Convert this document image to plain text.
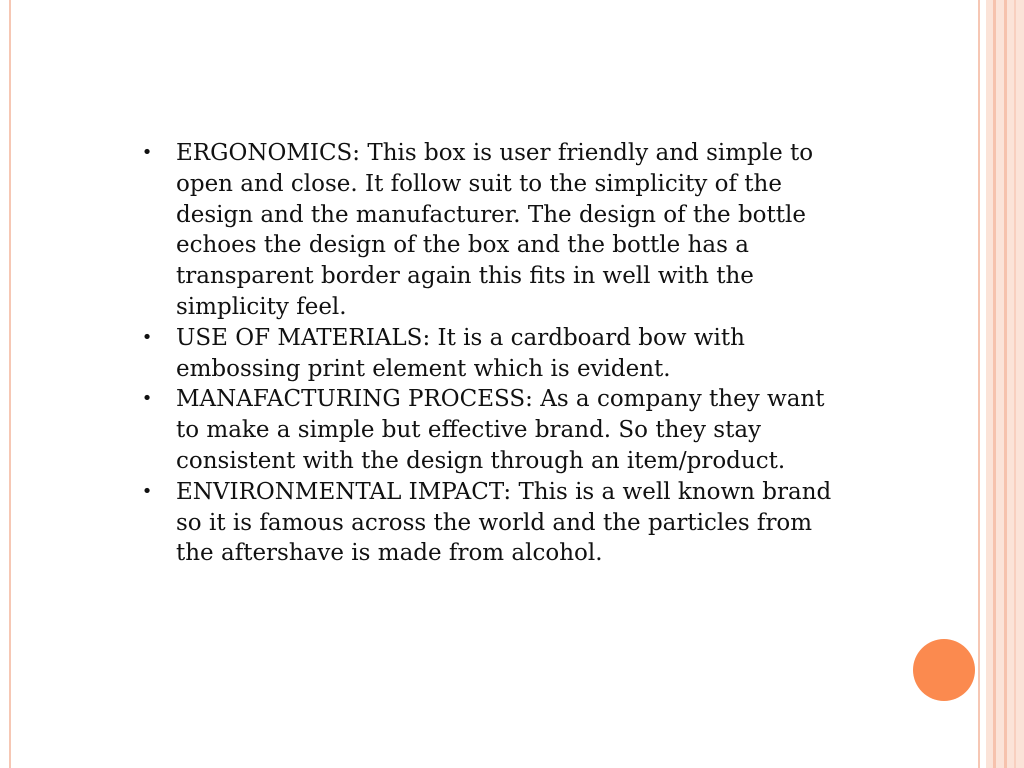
• ERGONOMICS: This box is user friendly and simple to open and close. It follow suit to the simplicity of the design and the manufacturer. The design of the bottle echoes the design of the box and the bottle has a transparent border again this fits in well with the simplicity feel.
• USE OF MATERIALS: It is a cardboard bow with embossing print element which is evident.
• MANAFACTURING PROCESS: As a company they want to make a simple but effective brand. So they stay consistent with the design through an item/product.
• ENVIRONMENTAL IMPACT: This is a well known brand so it is famous across the world and the particles from the aftershave is made from alcohol.
